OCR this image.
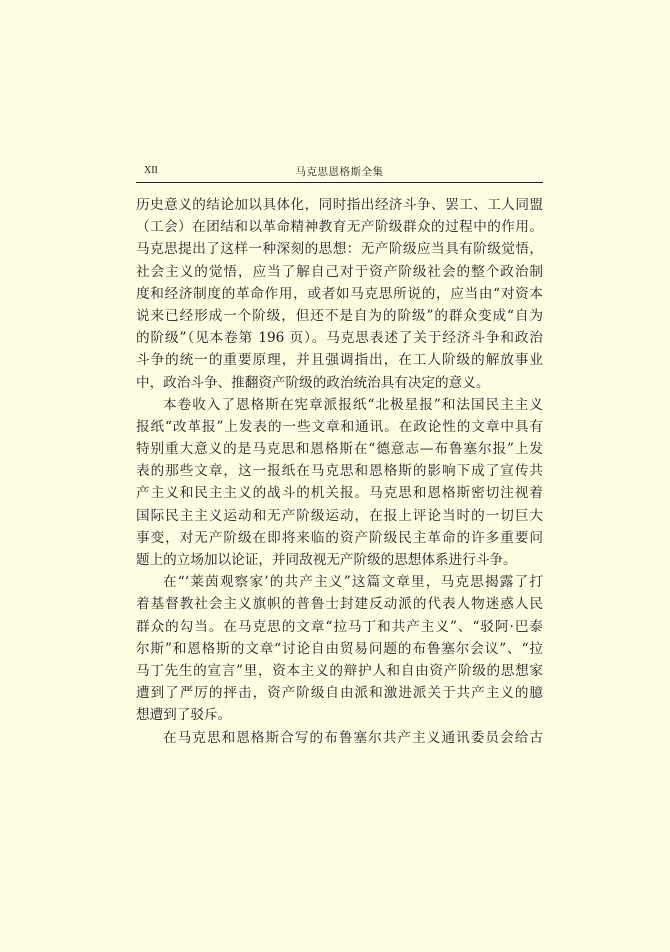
XII	马克思恩格斯全集
历史意义的结论加以具体化，同时指出经济斗争、罢工、工人同盟
（工会）在团结和以革命精神教育无产阶级群众的过程中的作用。
马克思提出了这样一种深刻的思想：无产阶级应当具有阶级觉悟，
社会主义的觉悟，应当了解自己对于资产阶级社会的整个政治制
度和经济制度的革命作用，或者如马克思所说的，应当由“对资本
说来已经形成一个阶级，但还不是自为的阶级”的群众变成“自为
的阶级”（见本卷第 196 页）。马克思表述了关于经济斗争和政治
斗争的统一的重要原理，并且强调指出，在工人阶级的解放事业
中，政治斗争、推翻资产阶级的政治统治具有决定的意义。
本卷收入了恩格斯在宪章派报纸“北极星报”和法国民主主义
报纸“改革报”上发表的一些文章和通讯。在政论性的文章中具有
特别重大意义的是马克思和恩格斯在“德意志—布鲁塞尔报”上发
表的那些文章，这一报纸在马克思和恩格斯的影响下成了宣传共
产主义和民主主义的战斗的机关报。马克思和恩格斯密切注视着
国际民主主义运动和无产阶级运动，在报上评论当时的一切巨大
事变，对无产阶级在即将来临的资产阶级民主革命的许多重要问
题上的立场加以论证，并同敌视无产阶级的思想体系进行斗争。
在“‘莱茵观察家’的共产主义”这篇文章里，马克思揭露了打
着基督教社会主义旗帜的普鲁士封建反动派的代表人物迷惑人民
群众的勾当。在马克思的文章“拉马丁和共产主义”、“驳阿·巴泰
尔斯”和恩格斯的文章“讨论自由贸易问题的布鲁塞尔会议”、“拉
马丁先生的宣言”里，资本主义的辩护人和自由资产阶级的思想家
遭到了严厉的抨击，资产阶级自由派和激进派关于共产主义的臆
想遭到了驳斥。
在马克思和恩格斯合写的布鲁塞尔共产主义通讯委员会给古
